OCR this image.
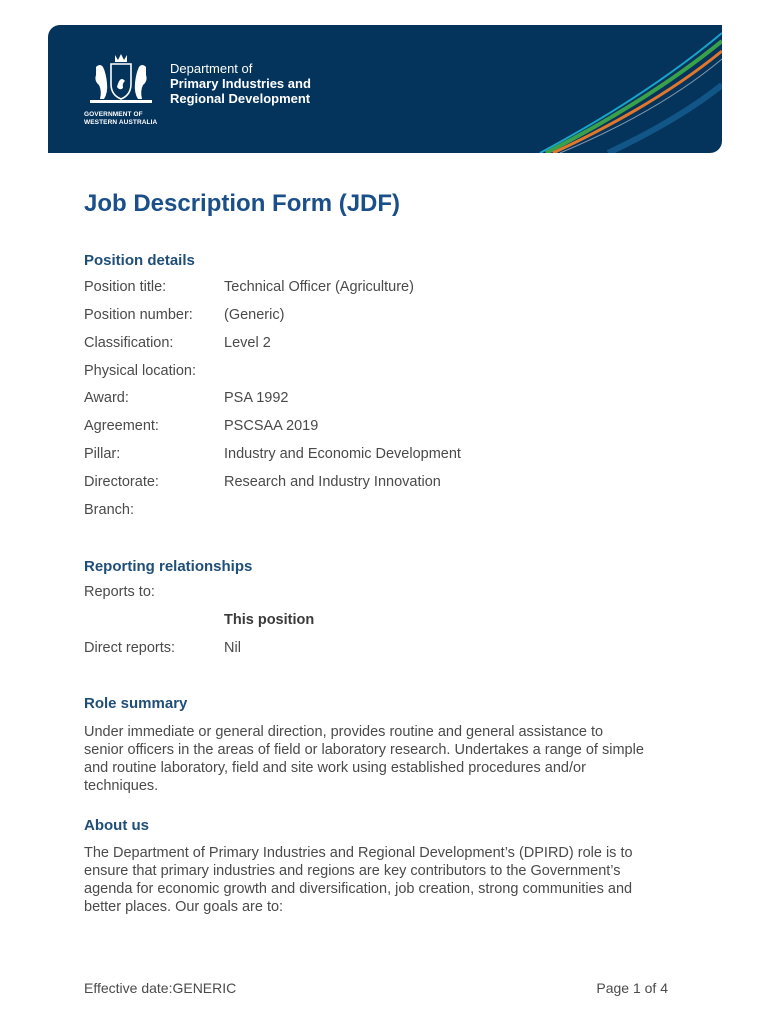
Department of
Primary Industries and
Regional Development
GOVERNMENT OF
WESTERN AUSTRALIA
Job Description Form (JDF)
Position details
Position title:	Technical Officer (Agriculture)
Position number: (Generic)
Classification:	Level 2
Physical location:
Award:	PSA 1992
Agreement:	PSCSAA 2019
Pillar:	Industry and Economic Development
Directorate:	Research and Industry Innovation
Branch:
Reporting relationships
Reports to:
This position
Direct reports:	Nil
Role summary
Under immediate or general direction, provides routine and general assistance to
senior officers in the areas of field or laboratory research. Undertakes a range of simple
and routine laboratory, field and site work using established procedures and/or
techniques.
About us
The Department of Primary Industries and Regional Development’s (DPIRD) role is to
ensure that primary industries and regions are key contributors to the Government’s
agenda for economic growth and diversification, job creation, strong communities and
better places. Our goals are to:
Effective date:GENERIC	Page 1 of 4
